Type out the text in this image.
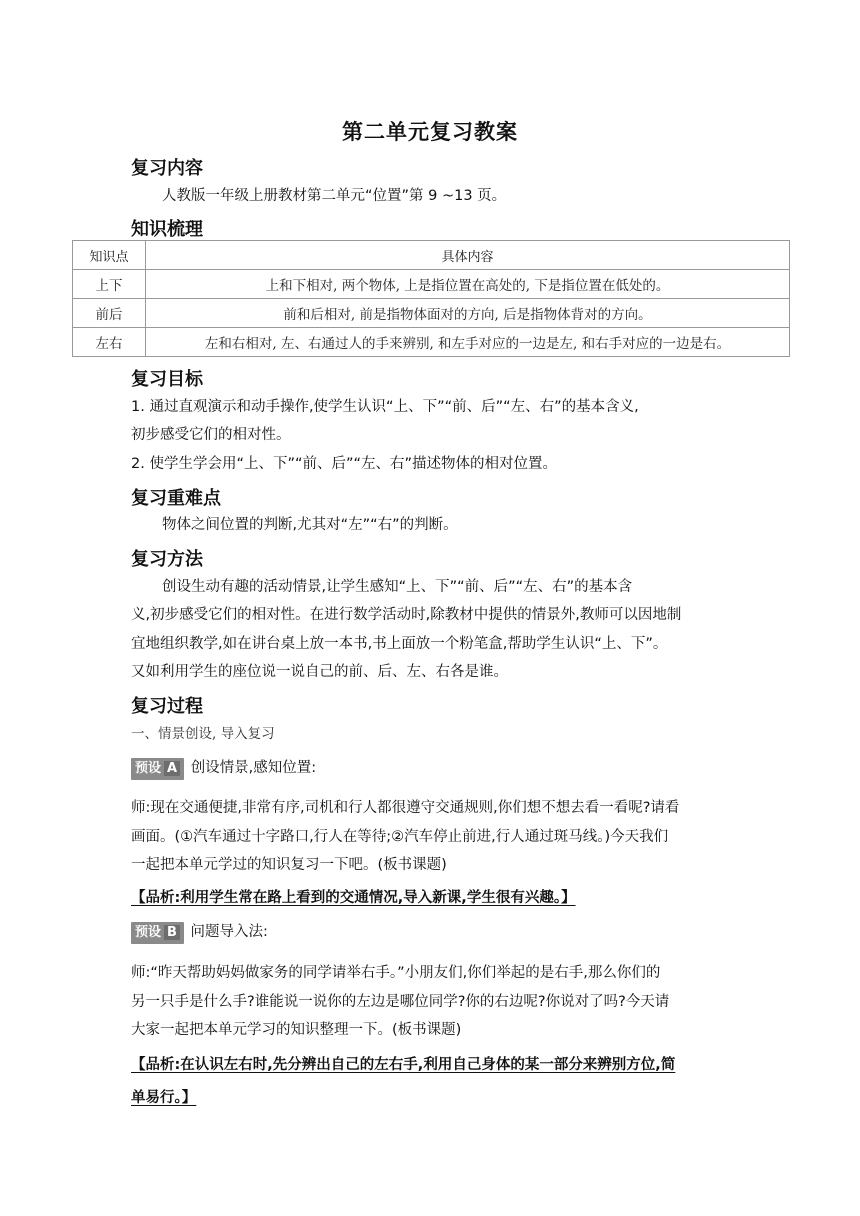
第二单元复习教案
复习内容
人教版一年级上册教材第二单元“位置”第 9 ~13 页。
知识梳理
知识点	具体内容
上下	上和下相对, 两个物体, 上是指位置在高处的, 下是指位置在低处的。
前后	前和后相对, 前是指物体面对的方向, 后是指物体背对的方向。
左右	左和右相对, 左、右通过人的手来辨别, 和左手对应的一边是左, 和右手对应的一边是右。
复习目标
1. 通过直观演示和动手操作,使学生认识“上、下”“前、后”“左、右”的基本含义,
初步感受它们的相对性。
2. 使学生学会用“上、下”“前、后”“左、右”描述物体的相对位置。
复习重难点
物体之间位置的判断,尤其对“左”“右”的判断。
复习方法
创设生动有趣的活动情景,让学生感知“上、下”“前、后”“左、右”的基本含
义,初步感受它们的相对性。在进行数学活动时,除教材中提供的情景外,教师可以因地制
宜地组织教学,如在讲台桌上放一本书,书上面放一个粉笔盒,帮助学生认识“上、下”。
又如利用学生的座位说一说自己的前、后、左、右各是谁。
复习过程
一、情景创设, 导入复习
预设 A 创设情景,感知位置:
师:现在交通便捷,非常有序,司机和行人都很遵守交通规则,你们想不想去看一看呢?请看
画面。(①汽车通过十字路口,行人在等待;②汽车停止前进,行人通过斑马线。)今天我们
一起把本单元学过的知识复习一下吧。(板书课题)
【品析:利用学生常在路上看到的交通情况,导入新课,学生很有兴趣。】
预设 B 问题导入法:
师:“昨天帮助妈妈做家务的同学请举右手。”小朋友们,你们举起的是右手,那么你们的
另一只手是什么手?谁能说一说你的左边是哪位同学?你的右边呢?你说对了吗?今天请
大家一起把本单元学习的知识整理一下。(板书课题)
【品析:在认识左右时,先分辨出自己的左右手,利用自己身体的某一部分来辨别方位,简
单易行。】
